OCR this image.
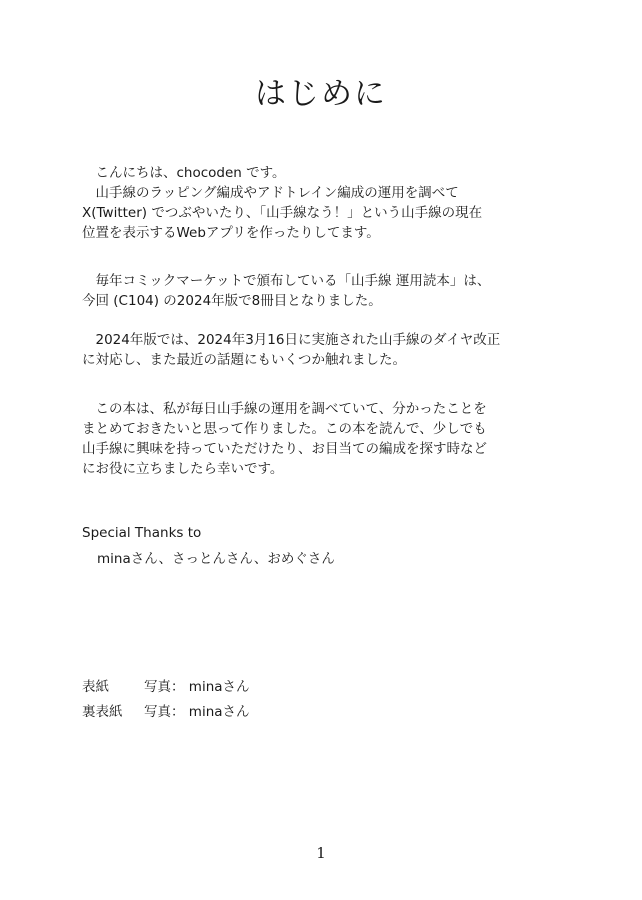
はじめに

こんにちは、chocoden です。

山手線のラッピング編成やアドトレイン編成の運用を調べて

X(Twitter) でつぶやいたり、「山手線なう！」という山手線の現在

位置を表示するWebアプリを作ったりしてます。

毎年コミックマーケットで頒布している「山手線 運用読本」は、

今回 (C104) の2024年版で8冊目となりました。

2024年版では、2024年3月16日に実施された山手線のダイヤ改正

に対応し、また最近の話題にもいくつか触れました。

この本は、私が毎日山手線の運用を調べていて、分かったことを

まとめておきたいと思って作りました。この本を読んで、少しでも

山手線に興味を持っていただけたり、お目当ての編成を探す時など

にお役に立ちましたら幸いです。

Special Thanks to
minaさん、さっとんさん、おめぐさん
表紙	写真： minaさん
裏表紙 写真： minaさん
1
